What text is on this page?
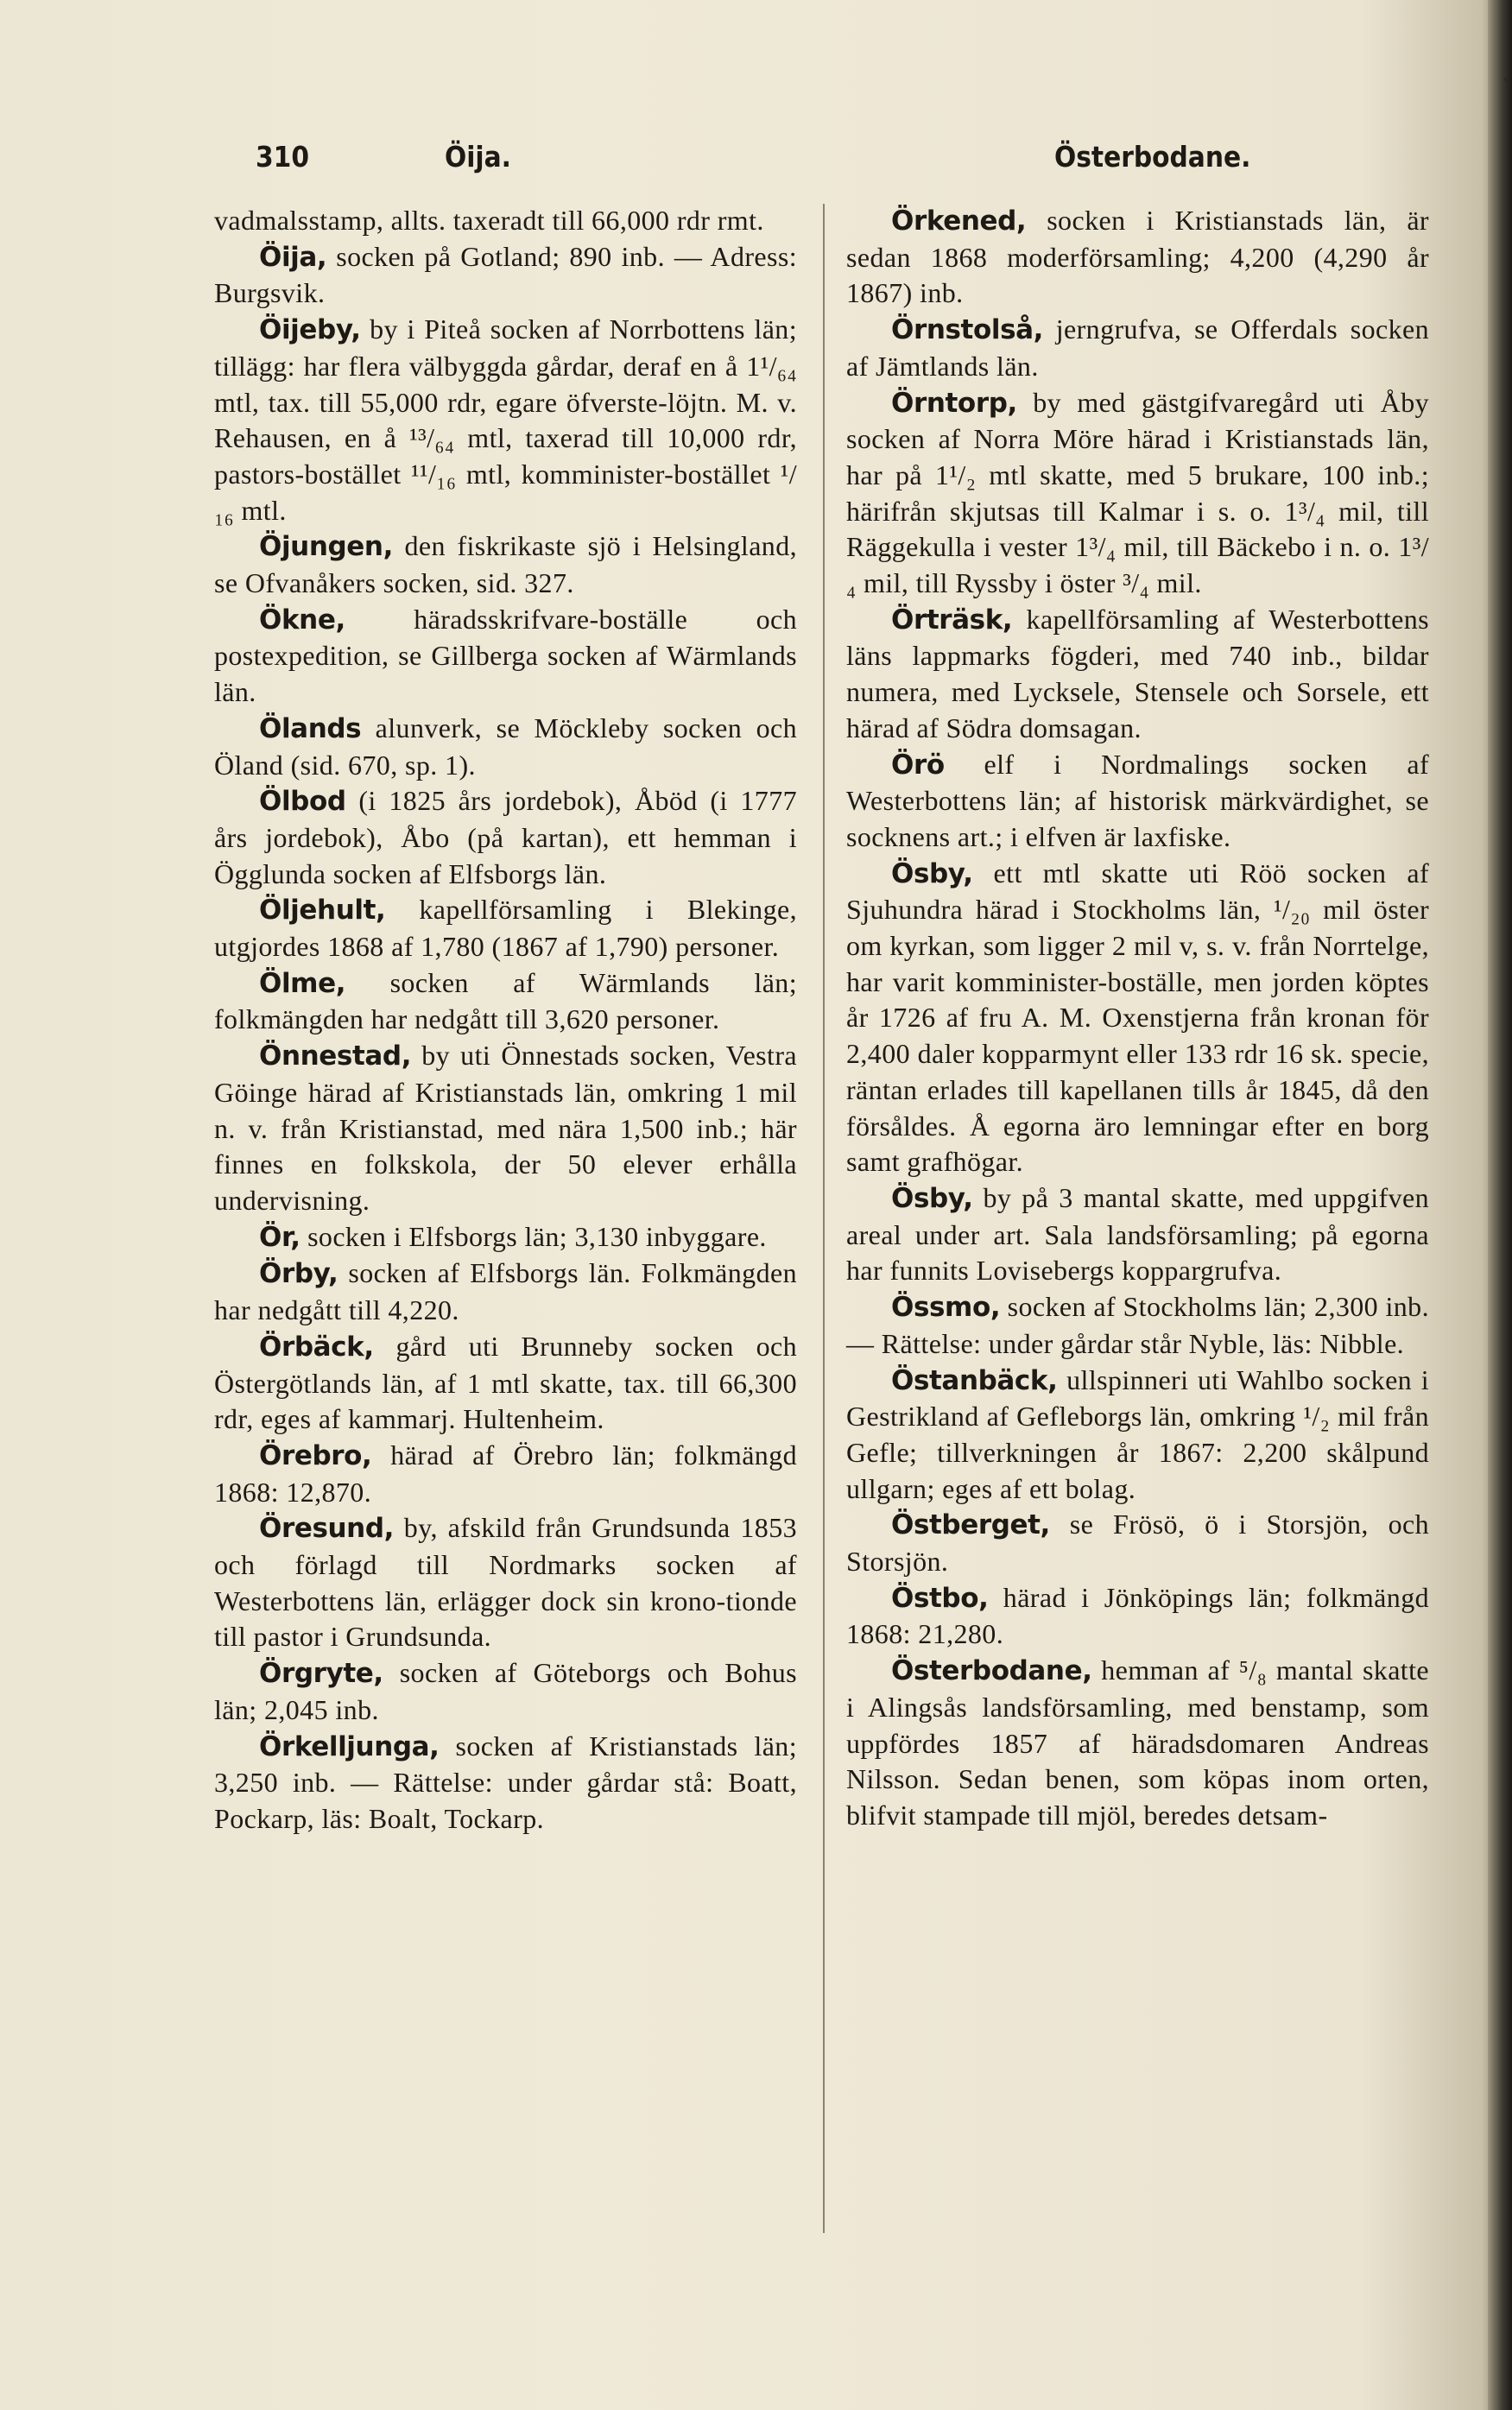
310	Öija.	Österbodane.

vadmalsstamp, allts. taxeradt till 66,000 rdr rmt.

Öija, socken på Gotland; 890 inb. — Adress: Burgsvik.

Öijeby, by i Piteå socken af Norrbottens län; tillägg: har flera välbyggda gårdar, deraf en å 1¹/₆₄ mtl, tax. till 55,000 rdr, egare öfverste-löjtn. M. v. Rehausen, en å ¹³/₆₄ mtl, taxerad till 10,000 rdr, pastors-bostället ¹¹/₁₆ mtl, komminister-bostället ¹/₁₆ mtl.

Öjungen, den fiskrikaste sjö i Helsingland, se Ofvanåkers socken, sid. 327.

Ökne, häradsskrifvare-boställe och postexpedition, se Gillberga socken af Wärmlands län.

Ölands alunverk, se Möckleby socken och Öland (sid. 670, sp. 1).

Ölbod (i 1825 års jordebok), Åböd (i 1777 års jordebok), Åbo (på kartan), ett hemman i Ögglunda socken af Elfsborgs län.

Öljehult, kapellförsamling i Blekinge, utgjordes 1868 af 1,780 (1867 af 1,790) personer.

Ölme, socken af Wärmlands län; folkmängden har nedgått till 3,620 personer.

Önnestad, by uti Önnestads socken, Vestra Göinge härad af Kristianstads län, omkring 1 mil n. v. från Kristianstad, med nära 1,500 inb.; här finnes en folkskola, der 50 elever erhålla undervisning.

Ör, socken i Elfsborgs län; 3,130 inbyggare.

Örby, socken af Elfsborgs län. Folkmängden har nedgått till 4,220.

Örbäck, gård uti Brunneby socken och Östergötlands län, af 1 mtl skatte, tax. till 66,300 rdr, eges af kammarj. Hultenheim.

Örebro, härad af Örebro län; folkmängd 1868: 12,870.

Öresund, by, afskild från Grundsunda 1853 och förlagd till Nordmarks socken af Westerbottens län, erlägger dock sin krono-tionde till pastor i Grundsunda.

Örgryte, socken af Göteborgs och Bohus län; 2,045 inb.

Örkelljunga, socken af Kristianstads län; 3,250 inb. — Rättelse: under gårdar stå: Boatt, Pockarp, läs: Boalt, Tockarp.

Örkened, socken i Kristianstads län, är sedan 1868 moderförsamling; 4,200 (4,290 år 1867) inb.

Örnstolså, jerngrufva, se Offerdals socken af Jämtlands län.

Örntorp, by med gästgifvaregård uti Åby socken af Norra Möre härad i Kristianstads län, har på 1¹/₂ mtl skatte, med 5 brukare, 100 inb.; härifrån skjutsas till Kalmar i s. o. 1³/₄ mil, till Räggekulla i vester 1³/₄ mil, till Bäckebo i n. o. 1³/₄ mil, till Ryssby i öster ³/₄ mil.

Örträsk, kapellförsamling af Westerbottens läns lappmarks fögderi, med 740 inb., bildar numera, med Lycksele, Stensele och Sorsele, ett härad af Södra domsagan.

Örö elf i Nordmalings socken af Westerbottens län; af historisk märkvärdighet, se socknens art.; i elfven är laxfiske.

Ösby, ett mtl skatte uti Röö socken af Sjuhundra härad i Stockholms län, ¹/₂₀ mil öster om kyrkan, som ligger 2 mil v, s. v. från Norrtelge, har varit komminister-boställe, men jorden köptes år 1726 af fru A. M. Oxenstjerna från kronan för 2,400 daler kopparmynt eller 133 rdr 16 sk. specie, räntan erlades till kapellanen tills år 1845, då den försåldes. Å egorna äro lemningar efter en borg samt grafhögar.

Ösby, by på 3 mantal skatte, med uppgifven areal under art. Sala landsförsamling; på egorna har funnits Lovisebergs koppargrufva.

Össmo, socken af Stockholms län; 2,300 inb. — Rättelse: under gårdar står Nyble, läs: Nibble.

Östanbäck, ullspinneri uti Wahlbo socken i Gestrikland af Gefleborgs län, omkring ¹/₂ mil från Gefle; tillverkningen år 1867: 2,200 skålpund ullgarn; eges af ett bolag.

Östberget, se Frösö, ö i Storsjön, och Storsjön.

Östbo, härad i Jönköpings län; folkmängd 1868: 21,280.

Österbodane, hemman af ⁵/₈ mantal skatte i Alingsås landsförsamling, med benstamp, som uppfördes 1857 af häradsdomaren Andreas Nilsson. Sedan benen, som köpas inom orten, blifvit stampade till mjöl, beredes detsam-
